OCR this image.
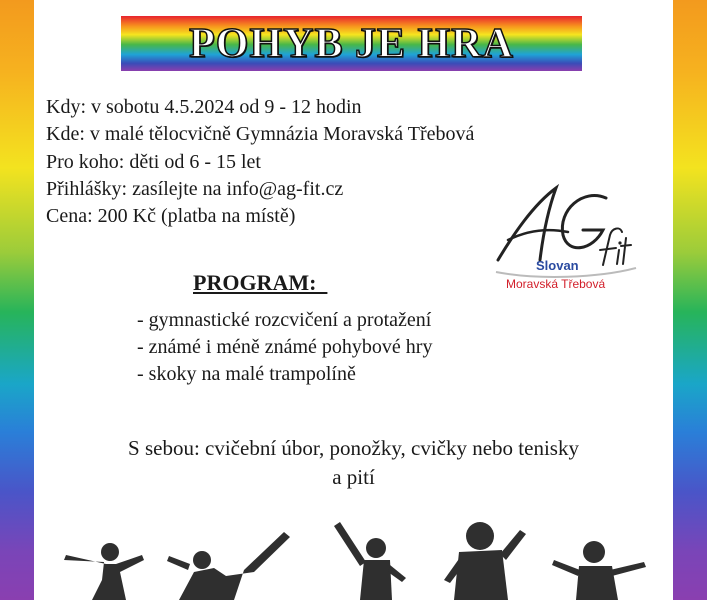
POHYB JE HRA
Kdy: v sobotu 4.5.2024 od 9 - 12 hodin
Kde: v malé tělocvičně Gymnázia Moravská Třebová
Pro koho: děti od 6 - 15 let
Přihlášky: zasílejte na info@ag-fit.cz
Cena: 200 Kč (platba na místě)
Slovan
Moravská Třebová
PROGRAM:
- gymnastické rozcvičení a protažení
- známé i méně známé pohybové hry
- skoky na malé trampolíně
S sebou: cvičební úbor, ponožky, cvičky nebo tenisky
a pití
